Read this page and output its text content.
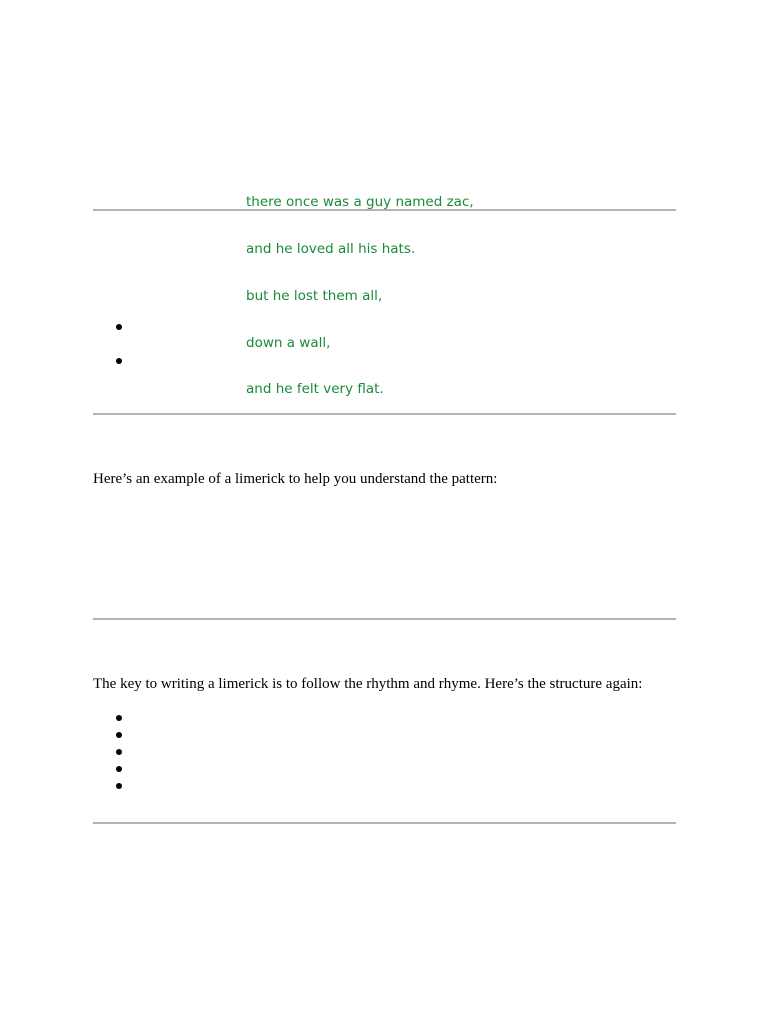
there once was a guy named zac,

and he loved all his hats.

but he lost them all,

down a wall,

and he felt very flat.

Here’s an example of a limerick to help you understand the pattern:
The key to writing a limerick is to follow the rhythm and rhyme. Here’s the structure again:
